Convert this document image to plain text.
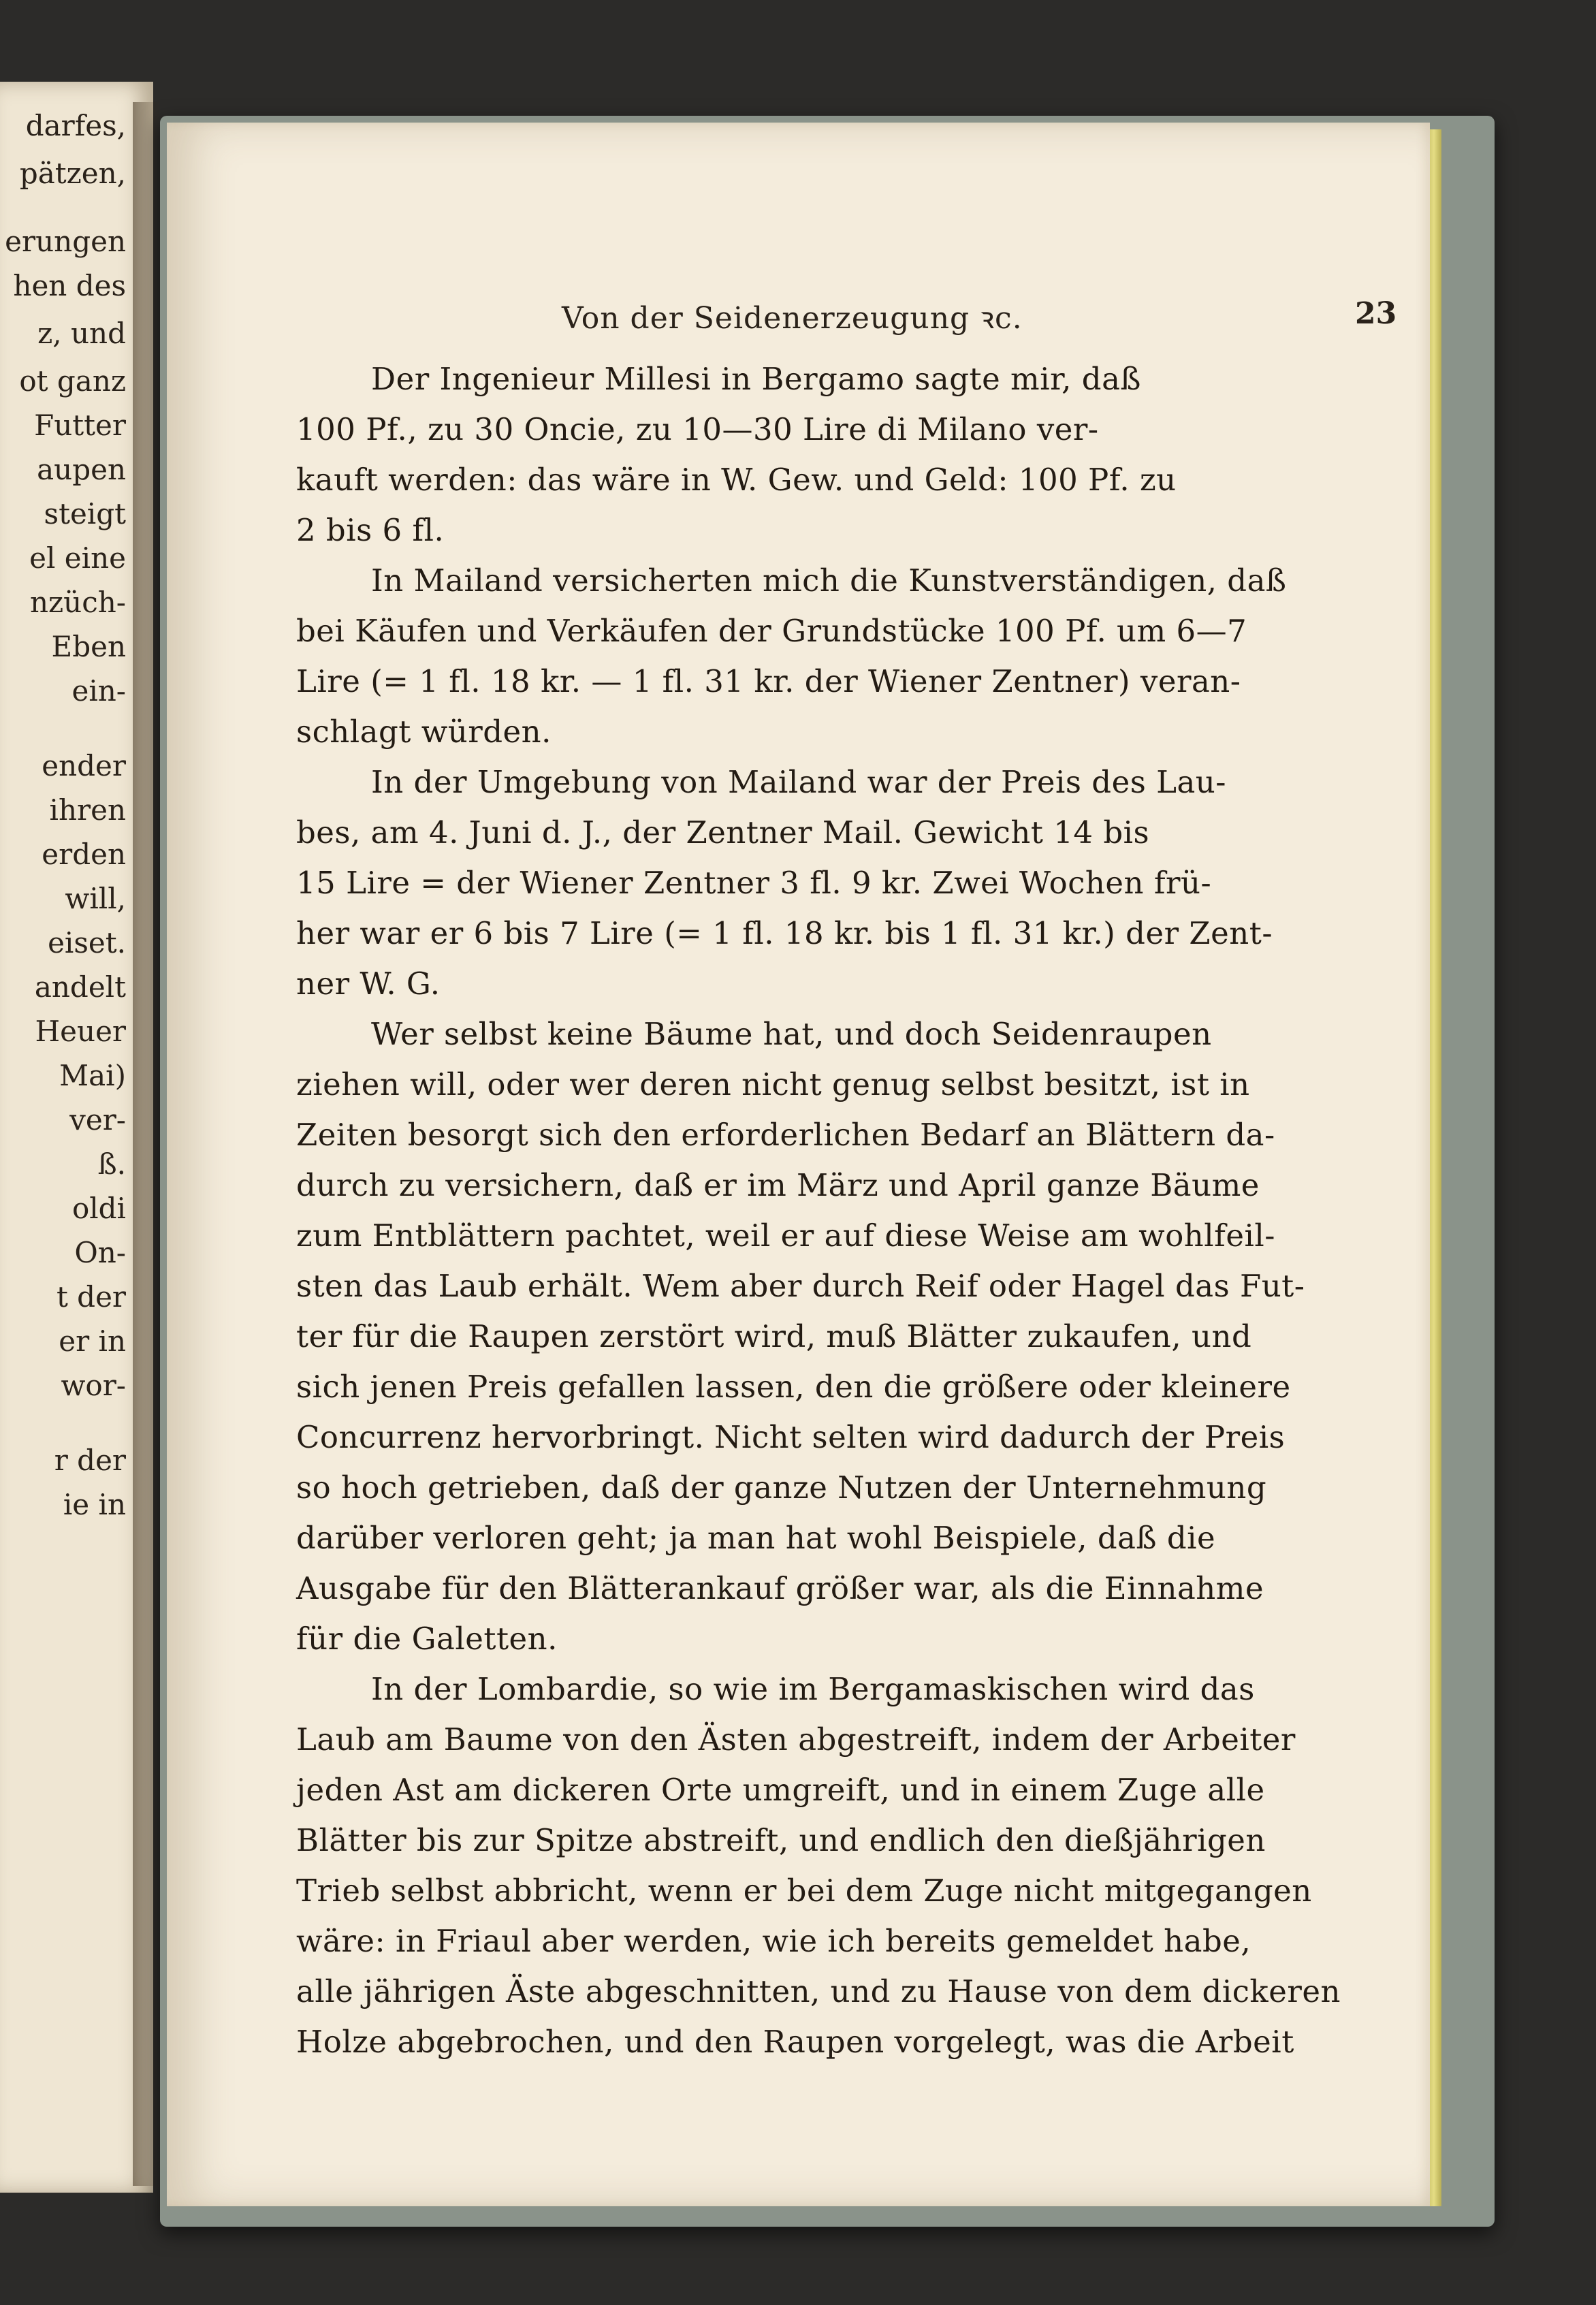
darfes,

pätzen,

erungen

hen des

z, und

ot ganz

Futter

aupen

steigt

el eine

nzüch-

Eben

ein-

ender

ihren

erden

will,

eiset.

andelt

Heuer

Mai)

ver-

ß.

oldi

On-

t der

er in

wor-

r der

ie in

Von der Seidenerzeugung ꝛc.	23

Der Ingenieur Millesi in Bergamo sagte mir, daß

100 Pf., zu 30 Oncie, zu 10—30 Lire di Milano ver-

kauft werden: das wäre in W. Gew. und Geld: 100 Pf. zu

2 bis 6 fl.

In Mailand versicherten mich die Kunstverständigen, daß

bei Käufen und Verkäufen der Grundstücke 100 Pf. um 6—7

Lire (= 1 fl. 18 kr. — 1 fl. 31 kr. der Wiener Zentner) veran-

schlagt würden.

In der Umgebung von Mailand war der Preis des Lau-

bes, am 4. Juni d. J., der Zentner Mail. Gewicht 14 bis

15 Lire = der Wiener Zentner 3 fl. 9 kr. Zwei Wochen frü-

her war er 6 bis 7 Lire (= 1 fl. 18 kr. bis 1 fl. 31 kr.) der Zent-

ner W. G.

Wer selbst keine Bäume hat, und doch Seidenraupen

ziehen will, oder wer deren nicht genug selbst besitzt, ist in

Zeiten besorgt sich den erforderlichen Bedarf an Blättern da-

durch zu versichern, daß er im März und April ganze Bäume

zum Entblättern pachtet, weil er auf diese Weise am wohlfeil-

sten das Laub erhält. Wem aber durch Reif oder Hagel das Fut-

ter für die Raupen zerstört wird, muß Blätter zukaufen, und

sich jenen Preis gefallen lassen, den die größere oder kleinere

Concurrenz hervorbringt. Nicht selten wird dadurch der Preis

so hoch getrieben, daß der ganze Nutzen der Unternehmung

darüber verloren geht; ja man hat wohl Beispiele, daß die

Ausgabe für den Blätterankauf größer war, als die Einnahme

für die Galetten.

In der Lombardie, so wie im Bergamaskischen wird das

Laub am Baume von den Ästen abgestreift, indem der Arbeiter

jeden Ast am dickeren Orte umgreift, und in einem Zuge alle

Blätter bis zur Spitze abstreift, und endlich den dießjährigen

Trieb selbst abbricht, wenn er bei dem Zuge nicht mitgegangen

wäre: in Friaul aber werden, wie ich bereits gemeldet habe,

alle jährigen Äste abgeschnitten, und zu Hause von dem dickeren

Holze abgebrochen, und den Raupen vorgelegt, was die Arbeit
